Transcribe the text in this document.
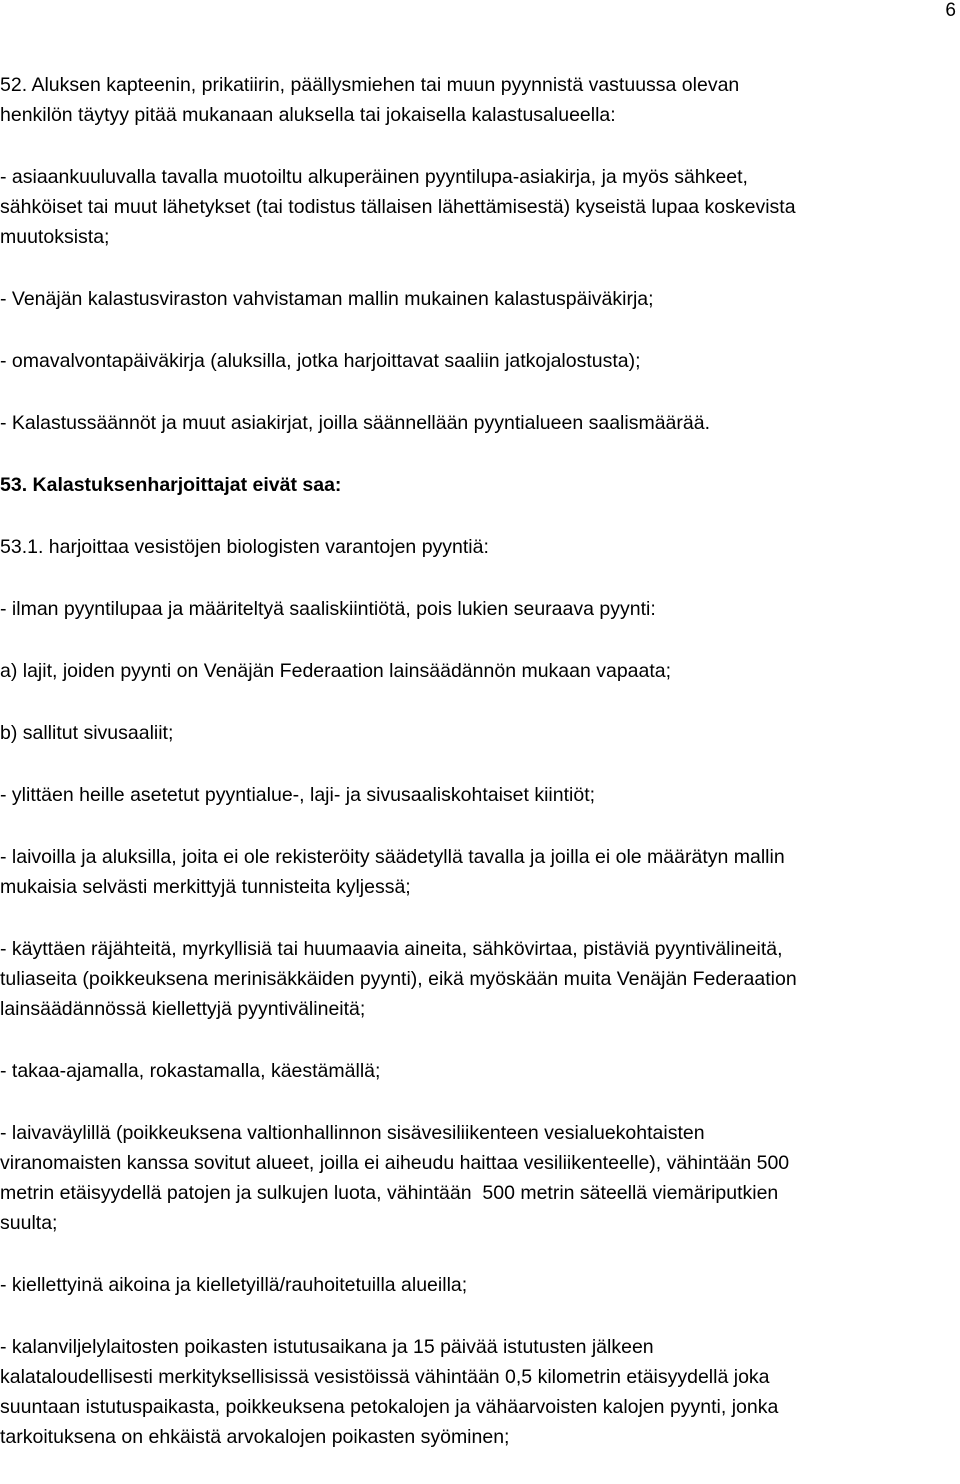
6
52. Aluksen kapteenin, prikatiirin, päällysmiehen tai muun pyynnistä vastuussa olevan
henkilön täytyy pitää mukanaan aluksella tai jokaisella kalastusalueella:
- asiaankuuluvalla tavalla muotoiltu alkuperäinen pyyntilupa-asiakirja, ja myös sähkeet,
sähköiset tai muut lähetykset (tai todistus tällaisen lähettämisestä) kyseistä lupaa koskevista
muutoksista;
- Venäjän kalastusviraston vahvistaman mallin mukainen kalastuspäiväkirja;
- omavalvontapäiväkirja (aluksilla, jotka harjoittavat saaliin jatkojalostusta);
- Kalastussäännöt ja muut asiakirjat, joilla säännellään pyyntialueen saalismäärää.
53. Kalastuksenharjoittajat eivät saa:
53.1. harjoittaa vesistöjen biologisten varantojen pyyntiä:
- ilman pyyntilupaa ja määriteltyä saaliskiintiötä, pois lukien seuraava pyynti:
a) lajit, joiden pyynti on Venäjän Federaation lainsäädännön mukaan vapaata;
b) sallitut sivusaaliit;
- ylittäen heille asetetut pyyntialue-, laji- ja sivusaaliskohtaiset kiintiöt;
- laivoilla ja aluksilla, joita ei ole rekisteröity säädetyllä tavalla ja joilla ei ole määrätyn mallin
mukaisia selvästi merkittyjä tunnisteita kyljessä;
- käyttäen räjähteitä, myrkyllisiä tai huumaavia aineita, sähkövirtaa, pistäviä pyyntivälineitä,
tuliaseita (poikkeuksena merinisäkkäiden pyynti), eikä myöskään muita Venäjän Federaation
lainsäädännössä kiellettyjä pyyntivälineitä;
- takaa-ajamalla, rokastamalla, käestämällä;
- laivaväylillä (poikkeuksena valtionhallinnon sisävesiliikenteen vesialuekohtaisten
viranomaisten kanssa sovitut alueet, joilla ei aiheudu haittaa vesiliikenteelle), vähintään 500
metrin etäisyydellä patojen ja sulkujen luota, vähintään  500 metrin säteellä viemäriputkien
suulta;
- kiellettyinä aikoina ja kielletyillä/rauhoitetuilla alueilla;
- kalanviljelylaitosten poikasten istutusaikana ja 15 päivää istutusten jälkeen
kalataloudellisesti merkityksellisissä vesistöissä vähintään 0,5 kilometrin etäisyydellä joka
suuntaan istutuspaikasta, poikkeuksena petokalojen ja vähäarvoisten kalojen pyynti, jonka
tarkoituksena on ehkäistä arvokalojen poikasten syöminen;
